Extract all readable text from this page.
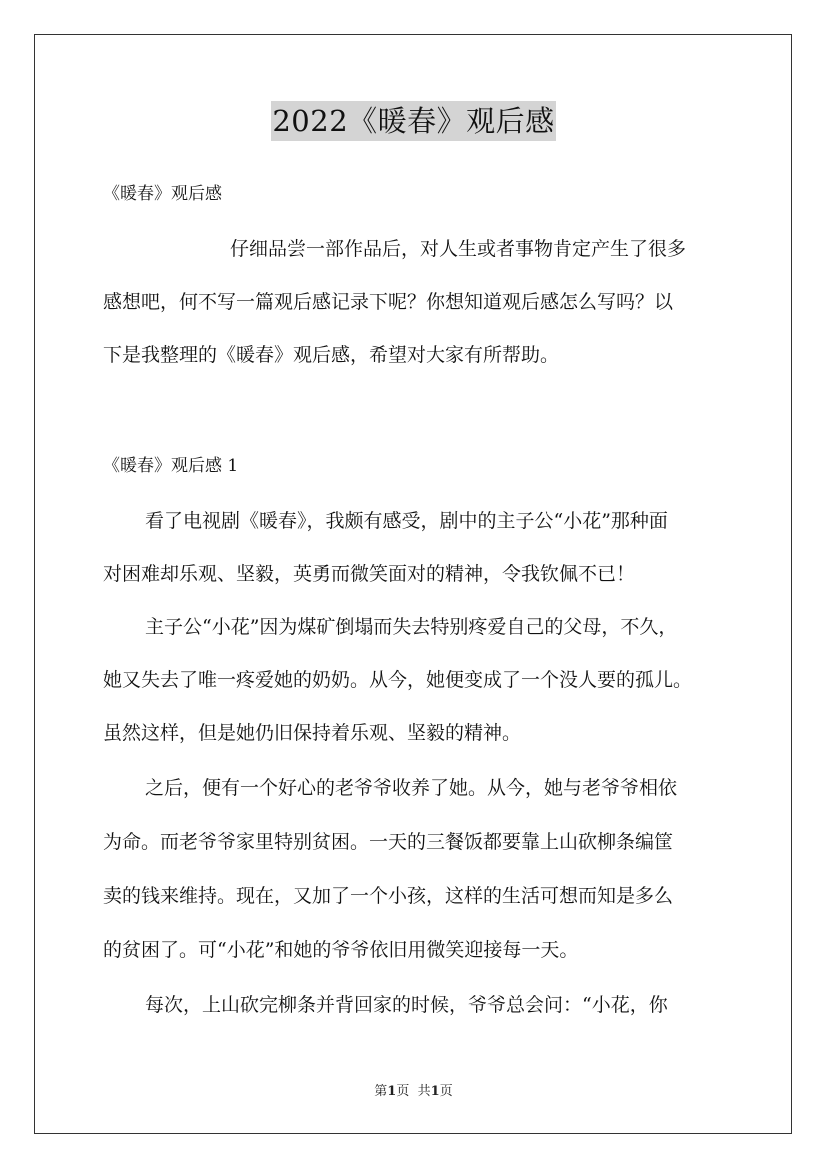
2022《暖春》观后感
《暖春》观后感
仔细品尝一部作品后，对人生或者事物肯定产生了很多
感想吧，何不写一篇观后感记录下呢？你想知道观后感怎么写吗？以
下是我整理的《暖春》观后感，希望对大家有所帮助。
《暖春》观后感 1
看了电视剧《暖春》，我颇有感受，剧中的主子公“小花”那种面
对困难却乐观、坚毅，英勇而微笑面对的精神，令我钦佩不已！
主子公“小花”因为煤矿倒塌而失去特别疼爱自己的父母，不久，
她又失去了唯一疼爱她的奶奶。从今，她便变成了一个没人要的孤儿。
虽然这样，但是她仍旧保持着乐观、坚毅的精神。
之后，便有一个好心的老爷爷收养了她。从今，她与老爷爷相依
为命。而老爷爷家里特别贫困。一天的三餐饭都要靠上山砍柳条编筐
卖的钱来维持。现在，又加了一个小孩，这样的生活可想而知是多么
的贫困了。可“小花”和她的爷爷依旧用微笑迎接每一天。
每次，上山砍完柳条并背回家的时候，爷爷总会问：“小花，你
第1页 共1页
